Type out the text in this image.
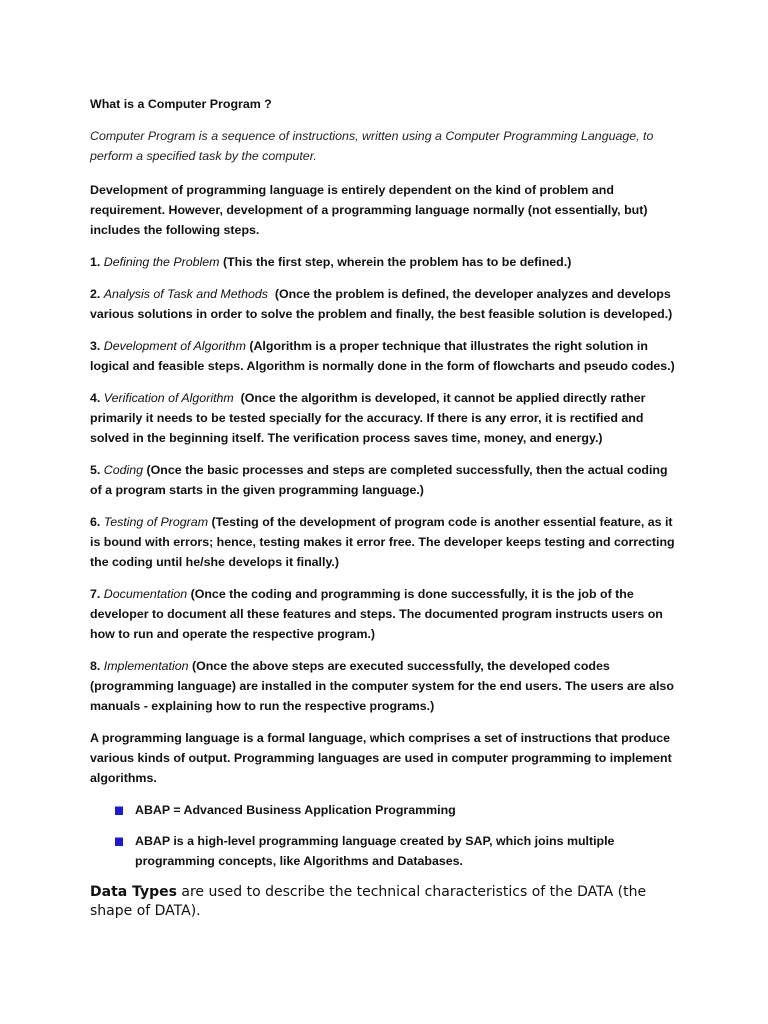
What is a Computer Program ?

Computer Program is a sequence of instructions, written using a Computer Programming Language, to perform a specified task by the computer.

Development of programming language is entirely dependent on the kind of problem and requirement. However, development of a programming language normally (not essentially, but) includes the following steps.

1. Defining the Problem (This the first step, wherein the problem has to be defined.)

2. Analysis of Task and Methods (Once the problem is defined, the developer analyzes and develops various solutions in order to solve the problem and finally, the best feasible solution is developed.)

3. Development of Algorithm (Algorithm is a proper technique that illustrates the right solution in logical and feasible steps. Algorithm is normally done in the form of flowcharts and pseudo codes.)

4. Verification of Algorithm (Once the algorithm is developed, it cannot be applied directly rather primarily it needs to be tested specially for the accuracy. If there is any error, it is rectified and solved in the beginning itself. The verification process saves time, money, and energy.)

5. Coding (Once the basic processes and steps are completed successfully, then the actual coding of a program starts in the given programming language.)

6. Testing of Program (Testing of the development of program code is another essential feature, as it is bound with errors; hence, testing makes it error free. The developer keeps testing and correcting the coding until he/she develops it finally.)

7. Documentation (Once the coding and programming is done successfully, it is the job of the developer to document all these features and steps. The documented program instructs users on how to run and operate the respective program.)

8. Implementation (Once the above steps are executed successfully, the developed codes (programming language) are installed in the computer system for the end users. The users are also manuals - explaining how to run the respective programs.)

A programming language is a formal language, which comprises a set of instructions that produce various kinds of output. Programming languages are used in computer programming to implement algorithms.

ABAP = Advanced Business Application Programming
ABAP is a high-level programming language created by SAP, which joins multiple programming concepts, like Algorithms and Databases.

Data Types are used to describe the technical characteristics of the DATA (the shape of DATA).
